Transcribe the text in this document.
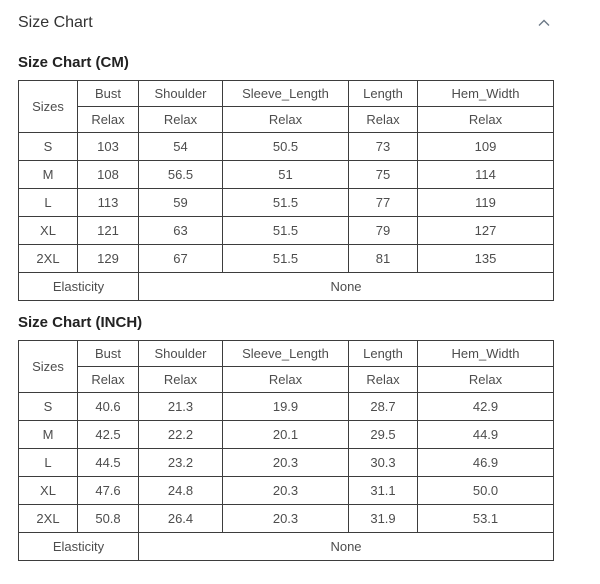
Size Chart
Size Chart (CM)
Sizes	Bust	Shoulder	Sleeve_Length	Length	Hem_Width
	Relax	Relax	Relax	Relax	Relax
S	103	54	50.5	73	109
M	108	56.5	51	75	114
L	113	59	51.5	77	119
XL	121	63	51.5	79	127
2XL	129	67	51.5	81	135
Elasticity		None			
Size Chart (INCH)
Sizes	Bust	Shoulder	Sleeve_Length	Length	Hem_Width
	Relax	Relax	Relax	Relax	Relax
S	40.6	21.3	19.9	28.7	42.9
M	42.5	22.2	20.1	29.5	44.9
L	44.5	23.2	20.3	30.3	46.9
XL	47.6	24.8	20.3	31.1	50.0
2XL	50.8	26.4	20.3	31.9	53.1
Elasticity		None			
